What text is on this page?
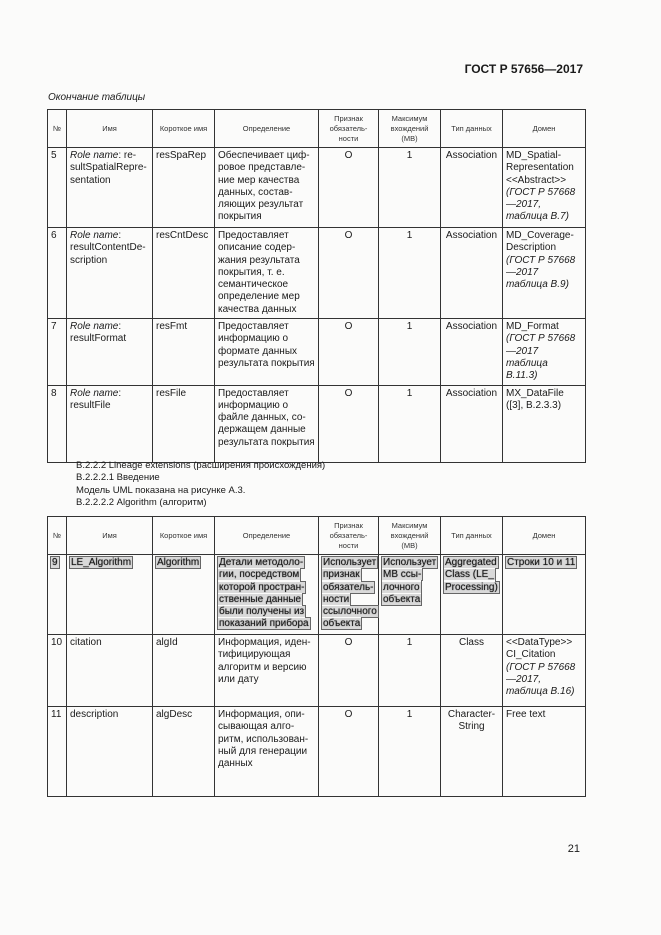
ГОСТ Р 57656—2017
Окончание таблицы
№	Имя	Короткое имя	Определение	Признак обязатель-ности	Максимум вхождений (МВ)	Тип данных	Домен
5	Role name: re-sultSpatialRepre-sentation	resSpaRep	Обеспечивает циф-ровое представле-ние мер качества данных, состав-ляющих результат покрытия	O	1	Association	MD_Spatial-Representation <<Abstract>> (ГОСТ Р 57668—2017, таблица В.7)
6	Role name: resultContentDe-scription	resCntDesc	Предоставляет описание содер-жания результата покрытия, т. е. семантическое определение мер качества данных	O	1	Association	MD_Coverage-Description (ГОСТ Р 57668—2017 таблица В.9)
7	Role name: resultFormat	resFmt	Предоставляет информацию о формате данных результата покрытия	O	1	Association	MD_Format (ГОСТ Р 57668—2017 таблица В.11.3)
8	Role name: resultFile	resFile	Предоставляет информацию о файле данных, со-держащем данные результата покрытия	O	1	Association	MX_DataFile ([3], В.2.3.3)
В.2.2.2 Lineage extensions (расширения происхождения)
В.2.2.2.1 Введение
Модель UML показана на рисунке А.3.
В.2.2.2.2 Algorithm (алгоритм)
№	Имя	Короткое имя	Определение	Признак обязатель-ности	Максимум вхождений (МВ)	Тип данных	Домен
9	LE_Algorithm	Algorithm	Детали методоло-гии, посредством которой простран-ственные данные были получены из показаний прибора	Использует признак обязатель-ности ссылочного объекта	Использует МВ ссы-лочного объекта	Aggregated Class (LE_ Processing)	Строки 10 и 11
10	citation	algId	Информация, иден-тифицирующая алгоритм и версию или дату	O	1	Class	<<DataType>> CI_Citation (ГОСТ Р 57668—2017, таблица В.16)
11	description	algDesc	Информация, опи-сывающая алго-ритм, использован-ный для генерации данных	O	1	Character-String	Free text
21
